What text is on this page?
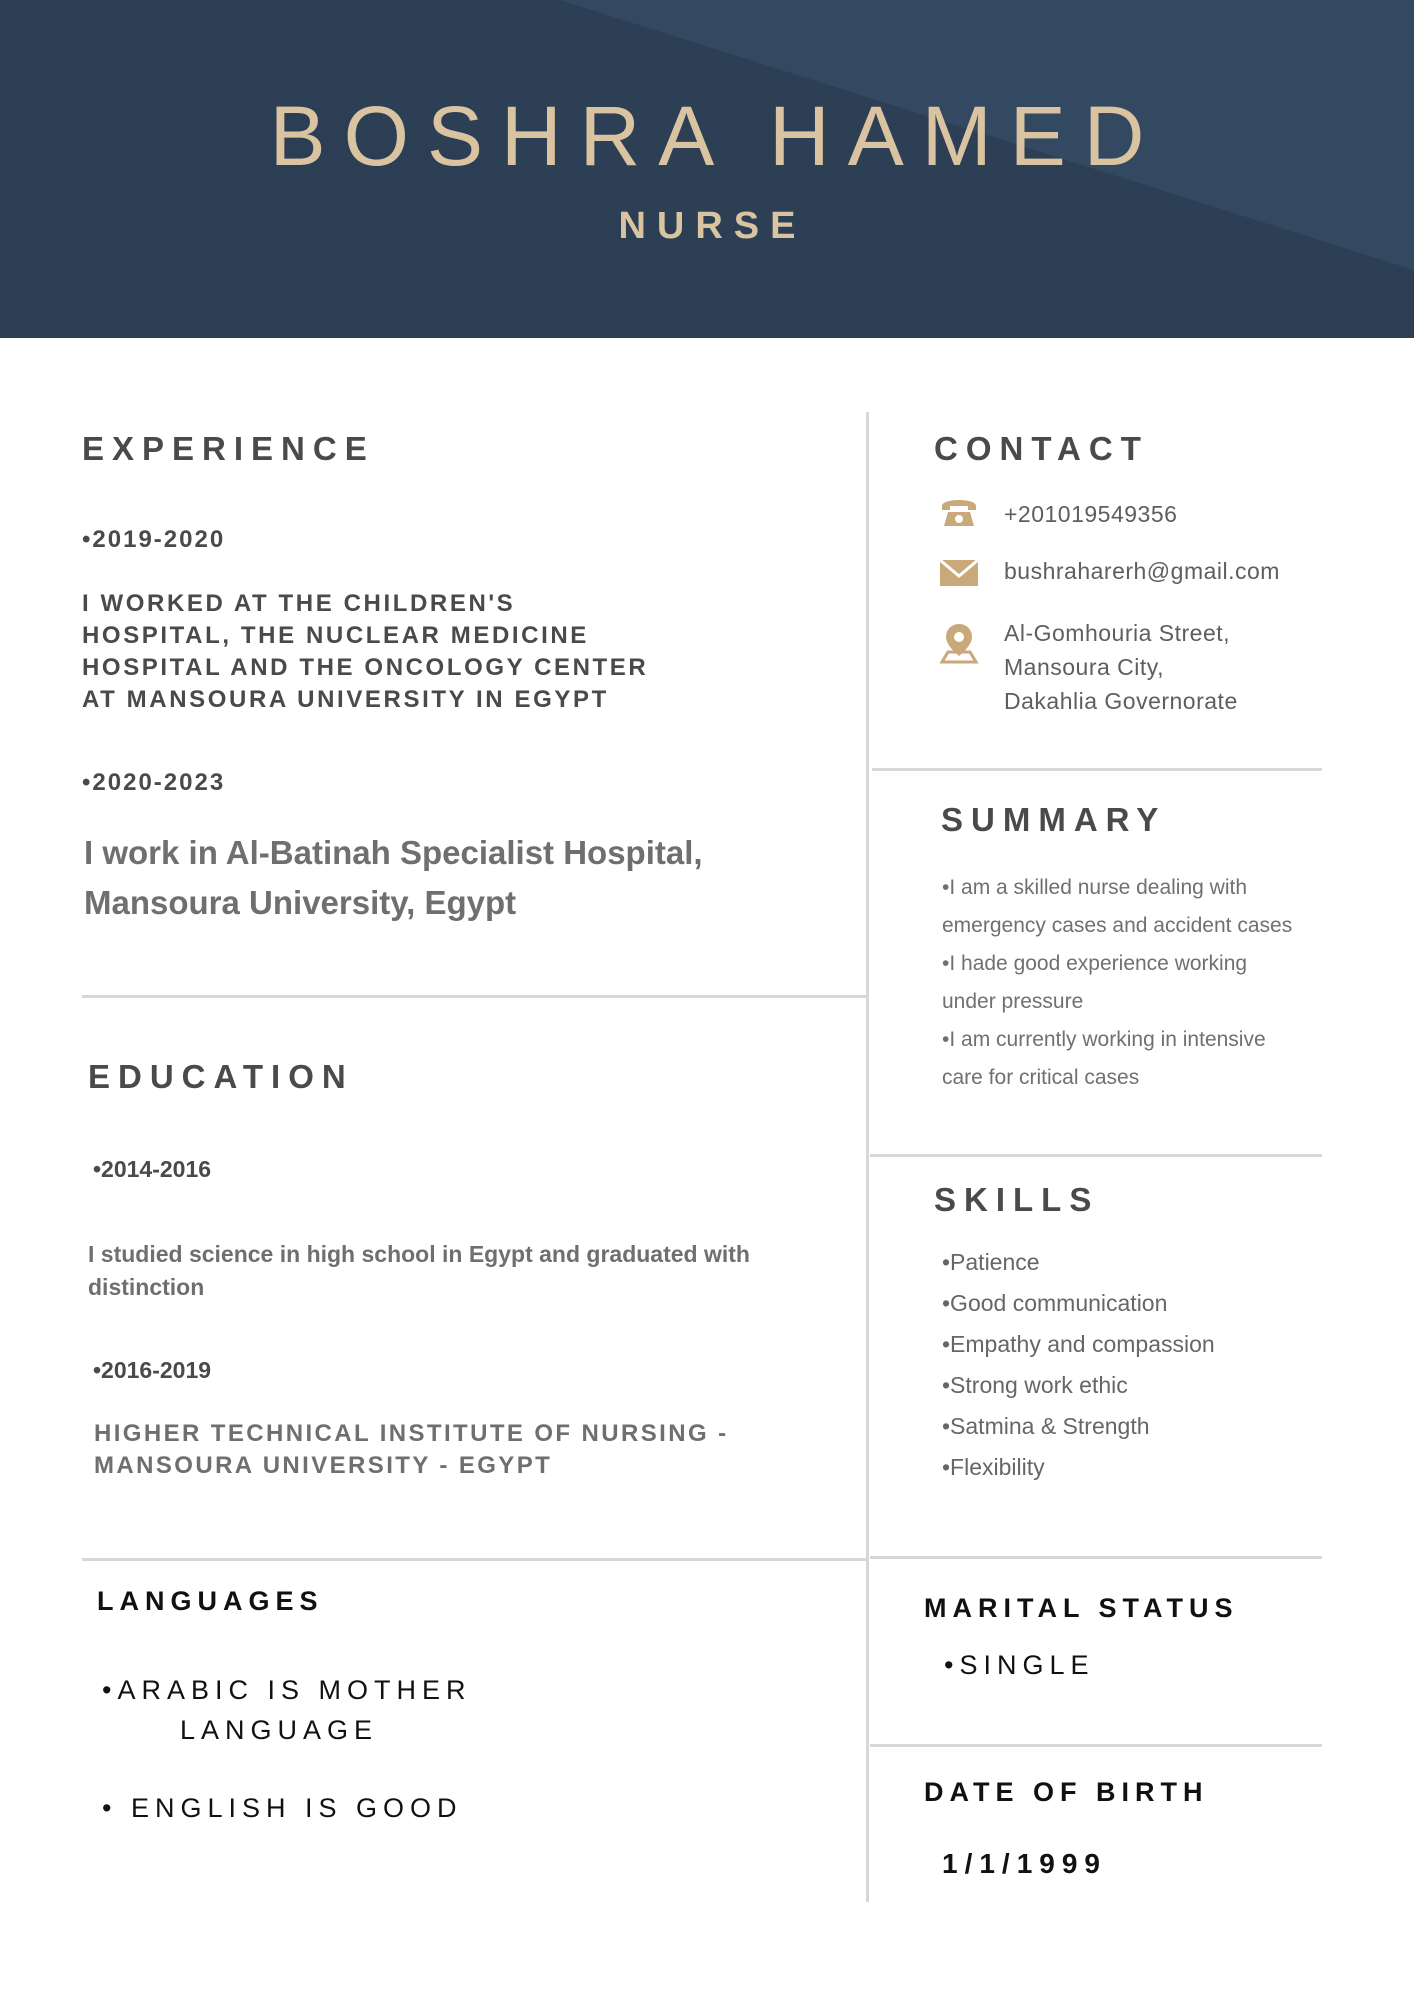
BOSHRA HAMED
NURSE
EXPERIENCE
•2019-2020
I WORKED AT THE CHILDREN'S
HOSPITAL, THE NUCLEAR MEDICINE
HOSPITAL AND THE ONCOLOGY CENTER
AT MANSOURA UNIVERSITY IN EGYPT
•2020-2023
I work in Al-Batinah Specialist Hospital,
Mansoura University, Egypt
EDUCATION
•2014-2016
I studied science in high school in Egypt and graduated with
distinction
•2016-2019
HIGHER TECHNICAL INSTITUTE OF NURSING -
MANSOURA UNIVERSITY - EGYPT
LANGUAGES
•ARABIC IS MOTHER
LANGUAGE
• ENGLISH IS GOOD
CONTACT
+201019549356
bushraharerh@gmail.com
Al-Gomhouria Street,
Mansoura City,
Dakahlia Governorate
SUMMARY
•I am a skilled nurse dealing with
emergency cases and accident cases
•I hade good experience working
under pressure
•I am currently working in intensive
care for critical cases
SKILLS
•Patience
•Good communication
•Empathy and compassion
•Strong work ethic
•Satmina & Strength
•Flexibility
MARITAL STATUS
•SINGLE
DATE OF BIRTH
1/1/1999
